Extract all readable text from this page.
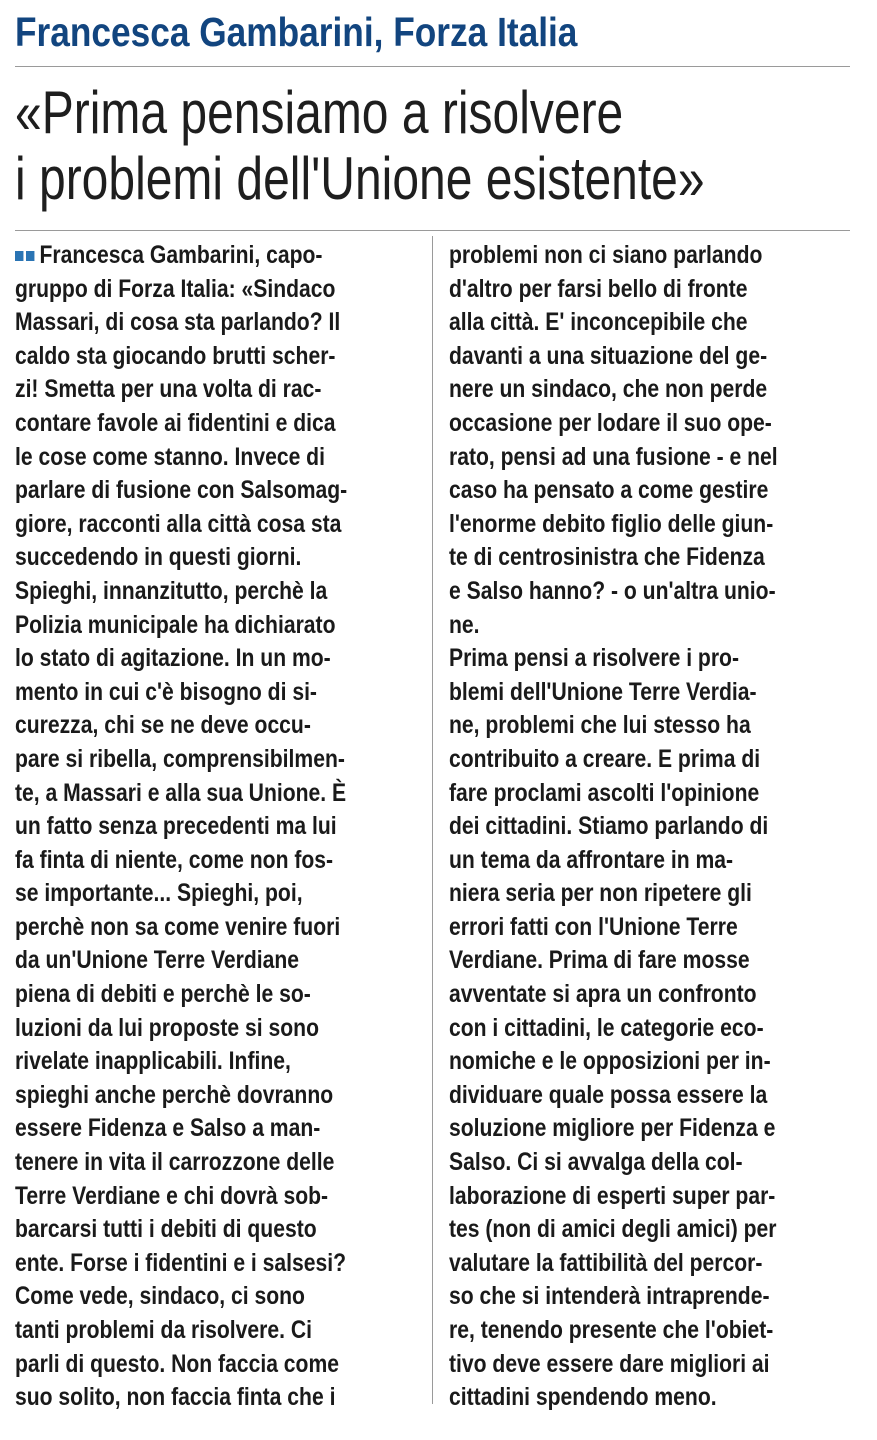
Francesca Gambarini, Forza Italia
«Prima pensiamo a risolvere
i problemi dell'Unione esistente»
Francesca Gambarini, capo-
gruppo di Forza Italia: «Sindaco
Massari, di cosa sta parlando? Il
caldo sta giocando brutti scher-
zi! Smetta per una volta di rac-
contare favole ai fidentini e dica
le cose come stanno. Invece di
parlare di fusione con Salsomag-
giore, racconti alla città cosa sta
succedendo in questi giorni.
Spieghi, innanzitutto, perchè la
Polizia municipale ha dichiarato
lo stato di agitazione. In un mo-
mento in cui c'è bisogno di si-
curezza, chi se ne deve occu-
pare si ribella, comprensibilmen-
te, a Massari e alla sua Unione. È
un fatto senza precedenti ma lui
fa finta di niente, come non fos-
se importante... Spieghi, poi,
perchè non sa come venire fuori
da un'Unione Terre Verdiane
piena di debiti e perchè le so-
luzioni da lui proposte si sono
rivelate inapplicabili. Infine,
spieghi anche perchè dovranno
essere Fidenza e Salso a man-
tenere in vita il carrozzone delle
Terre Verdiane e chi dovrà sob-
barcarsi tutti i debiti di questo
ente. Forse i fidentini e i salsesi?
Come vede, sindaco, ci sono
tanti problemi da risolvere. Ci
parli di questo. Non faccia come
suo solito, non faccia finta che i
problemi non ci siano parlando
d'altro per farsi bello di fronte
alla città. E' inconcepibile che
davanti a una situazione del ge-
nere un sindaco, che non perde
occasione per lodare il suo ope-
rato, pensi ad una fusione - e nel
caso ha pensato a come gestire
l'enorme debito figlio delle giun-
te di centrosinistra che Fidenza
e Salso hanno? - o un'altra unio-
ne.
Prima pensi a risolvere i pro-
blemi dell'Unione Terre Verdia-
ne, problemi che lui stesso ha
contribuito a creare. E prima di
fare proclami ascolti l'opinione
dei cittadini. Stiamo parlando di
un tema da affrontare in ma-
niera seria per non ripetere gli
errori fatti con l'Unione Terre
Verdiane. Prima di fare mosse
avventate si apra un confronto
con i cittadini, le categorie eco-
nomiche e le opposizioni per in-
dividuare quale possa essere la
soluzione migliore per Fidenza e
Salso. Ci si avvalga della col-
laborazione di esperti super par-
tes (non di amici degli amici) per
valutare la fattibilità del percor-
so che si intenderà intraprende-
re, tenendo presente che l'obiet-
tivo deve essere dare migliori ai
cittadini spendendo meno.
